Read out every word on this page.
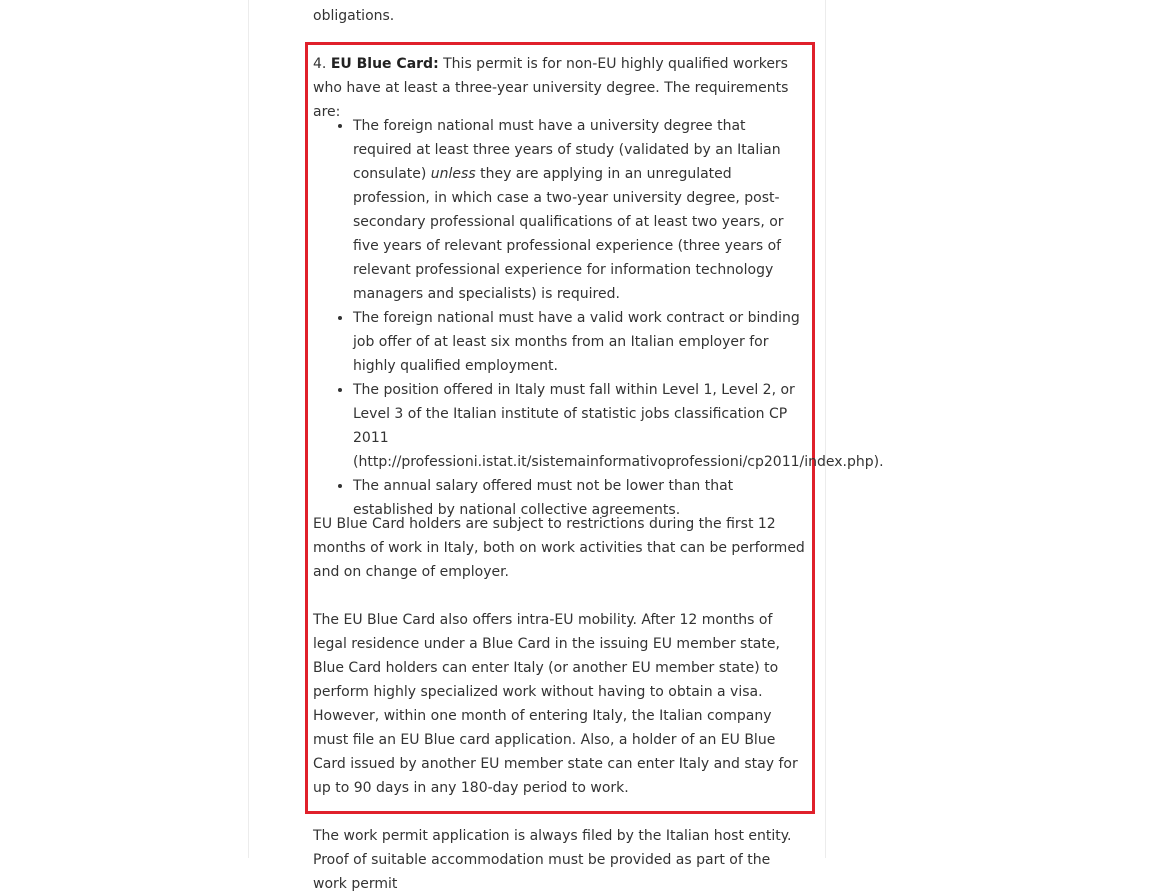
obligations.

4. EU Blue Card: This permit is for non-EU highly qualified workers who have at least a three-year university degree. The requirements are:

• The foreign national must have a university degree that required at least three years of study (validated by an Italian consulate) unless they are applying in an unregulated profession, in which case a two-year university degree, post-secondary professional qualifications of at least two years, or five years of relevant professional experience (three years of relevant professional experience for information technology managers and specialists) is required.
• The foreign national must have a valid work contract or binding job offer of at least six months from an Italian employer for highly qualified employment.
• The position offered in Italy must fall within Level 1, Level 2, or Level 3 of the Italian institute of statistic jobs classification CP 2011 (http://professioni.istat.it/sistemainformativoprofessioni/cp2011/index.php).
• The annual salary offered must not be lower than that established by national collective agreements.

EU Blue Card holders are subject to restrictions during the first 12 months of work in Italy, both on work activities that can be performed and on change of employer.

The EU Blue Card also offers intra-EU mobility. After 12 months of legal residence under a Blue Card in the issuing EU member state, Blue Card holders can enter Italy (or another EU member state) to perform highly specialized work without having to obtain a visa. However, within one month of entering Italy, the Italian company must file an EU Blue card application. Also, a holder of an EU Blue Card issued by another EU member state can enter Italy and stay for up to 90 days in any 180-day period to work.

The work permit application is always filed by the Italian host entity. Proof of suitable accommodation must be provided as part of the work permit
